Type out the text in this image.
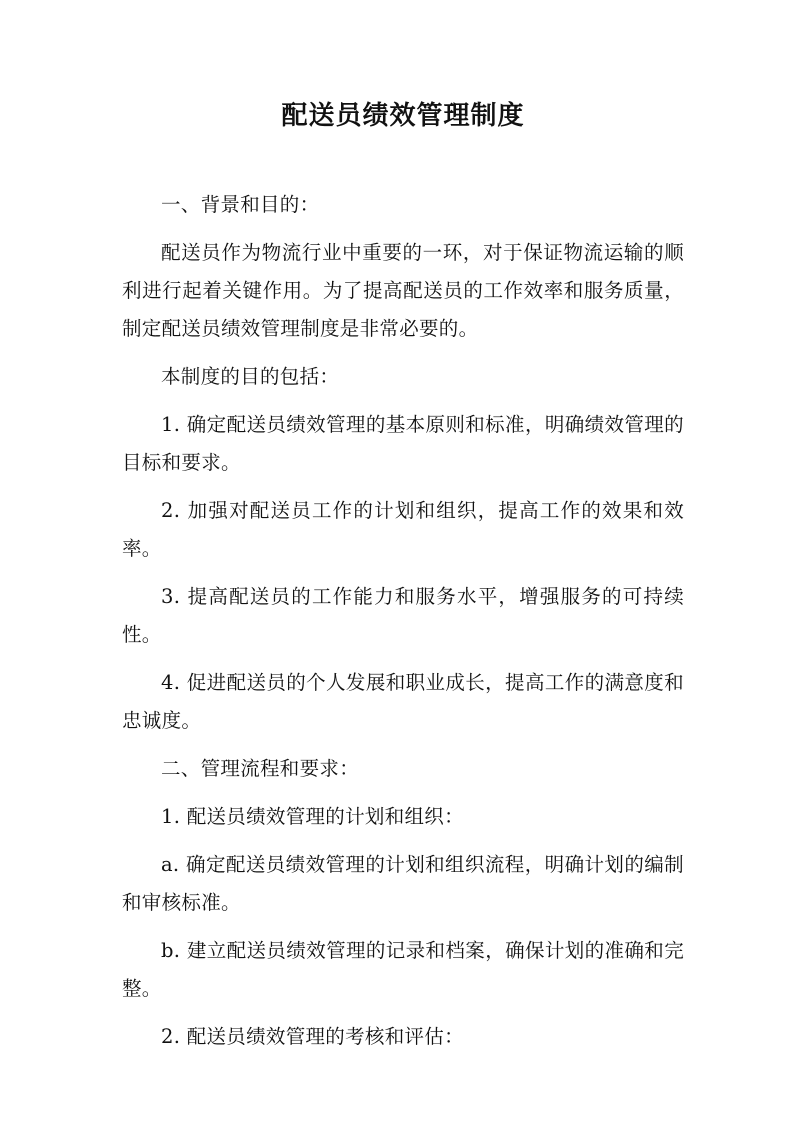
配送员绩效管理制度

一、背景和目的：

配送员作为物流行业中重要的一环，对于保证物流运输的顺利进行起着关键作用。为了提高配送员的工作效率和服务质量，制定配送员绩效管理制度是非常必要的。

本制度的目的包括：

1. 确定配送员绩效管理的基本原则和标准，明确绩效管理的目标和要求。

2. 加强对配送员工作的计划和组织，提高工作的效果和效率。

3. 提高配送员的工作能力和服务水平，增强服务的可持续性。

4. 促进配送员的个人发展和职业成长，提高工作的满意度和忠诚度。

二、管理流程和要求：

1. 配送员绩效管理的计划和组织：

a. 确定配送员绩效管理的计划和组织流程，明确计划的编制和审核标准。

b. 建立配送员绩效管理的记录和档案，确保计划的准确和完整。

2. 配送员绩效管理的考核和评估：
